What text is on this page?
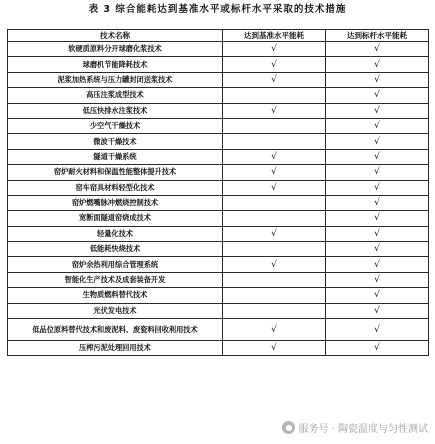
表 3 综合能耗达到基准水平或标杆水平采取的技术措施
技术名称	达到基准水平能耗	达到标杆水平能耗
软硬质原料分开球磨化浆技术	√	√
球磨机节能降耗技术	√	√
泥浆加热系统与压力罐封闭送浆技术	√	√
高压注浆成型技术		√
低压快排水注浆技术	√	√
少空气干燥技术		√
微波干燥技术		√
隧道干燥系统	√	√
窑炉耐火材料和保温性能整体提升技术	√	√
窑车窑具材料轻型化技术	√	√
窑炉燃嘴脉冲燃烧控制技术		√
宽断面隧道窑烧成技术		√
轻量化技术	√	√
低能耗快烧技术		√
窑炉余热利用综合管理系统	√	√
智能化生产技术及成套装备开发		√
生物质燃料替代技术		√
光伏发电技术		√
低品位原料替代技术和废泥料、废瓷料回收利用技术	√	√
压榨污泥处理回用技术	√	√
● 服务号 · 陶瓷温度与匀性测试
